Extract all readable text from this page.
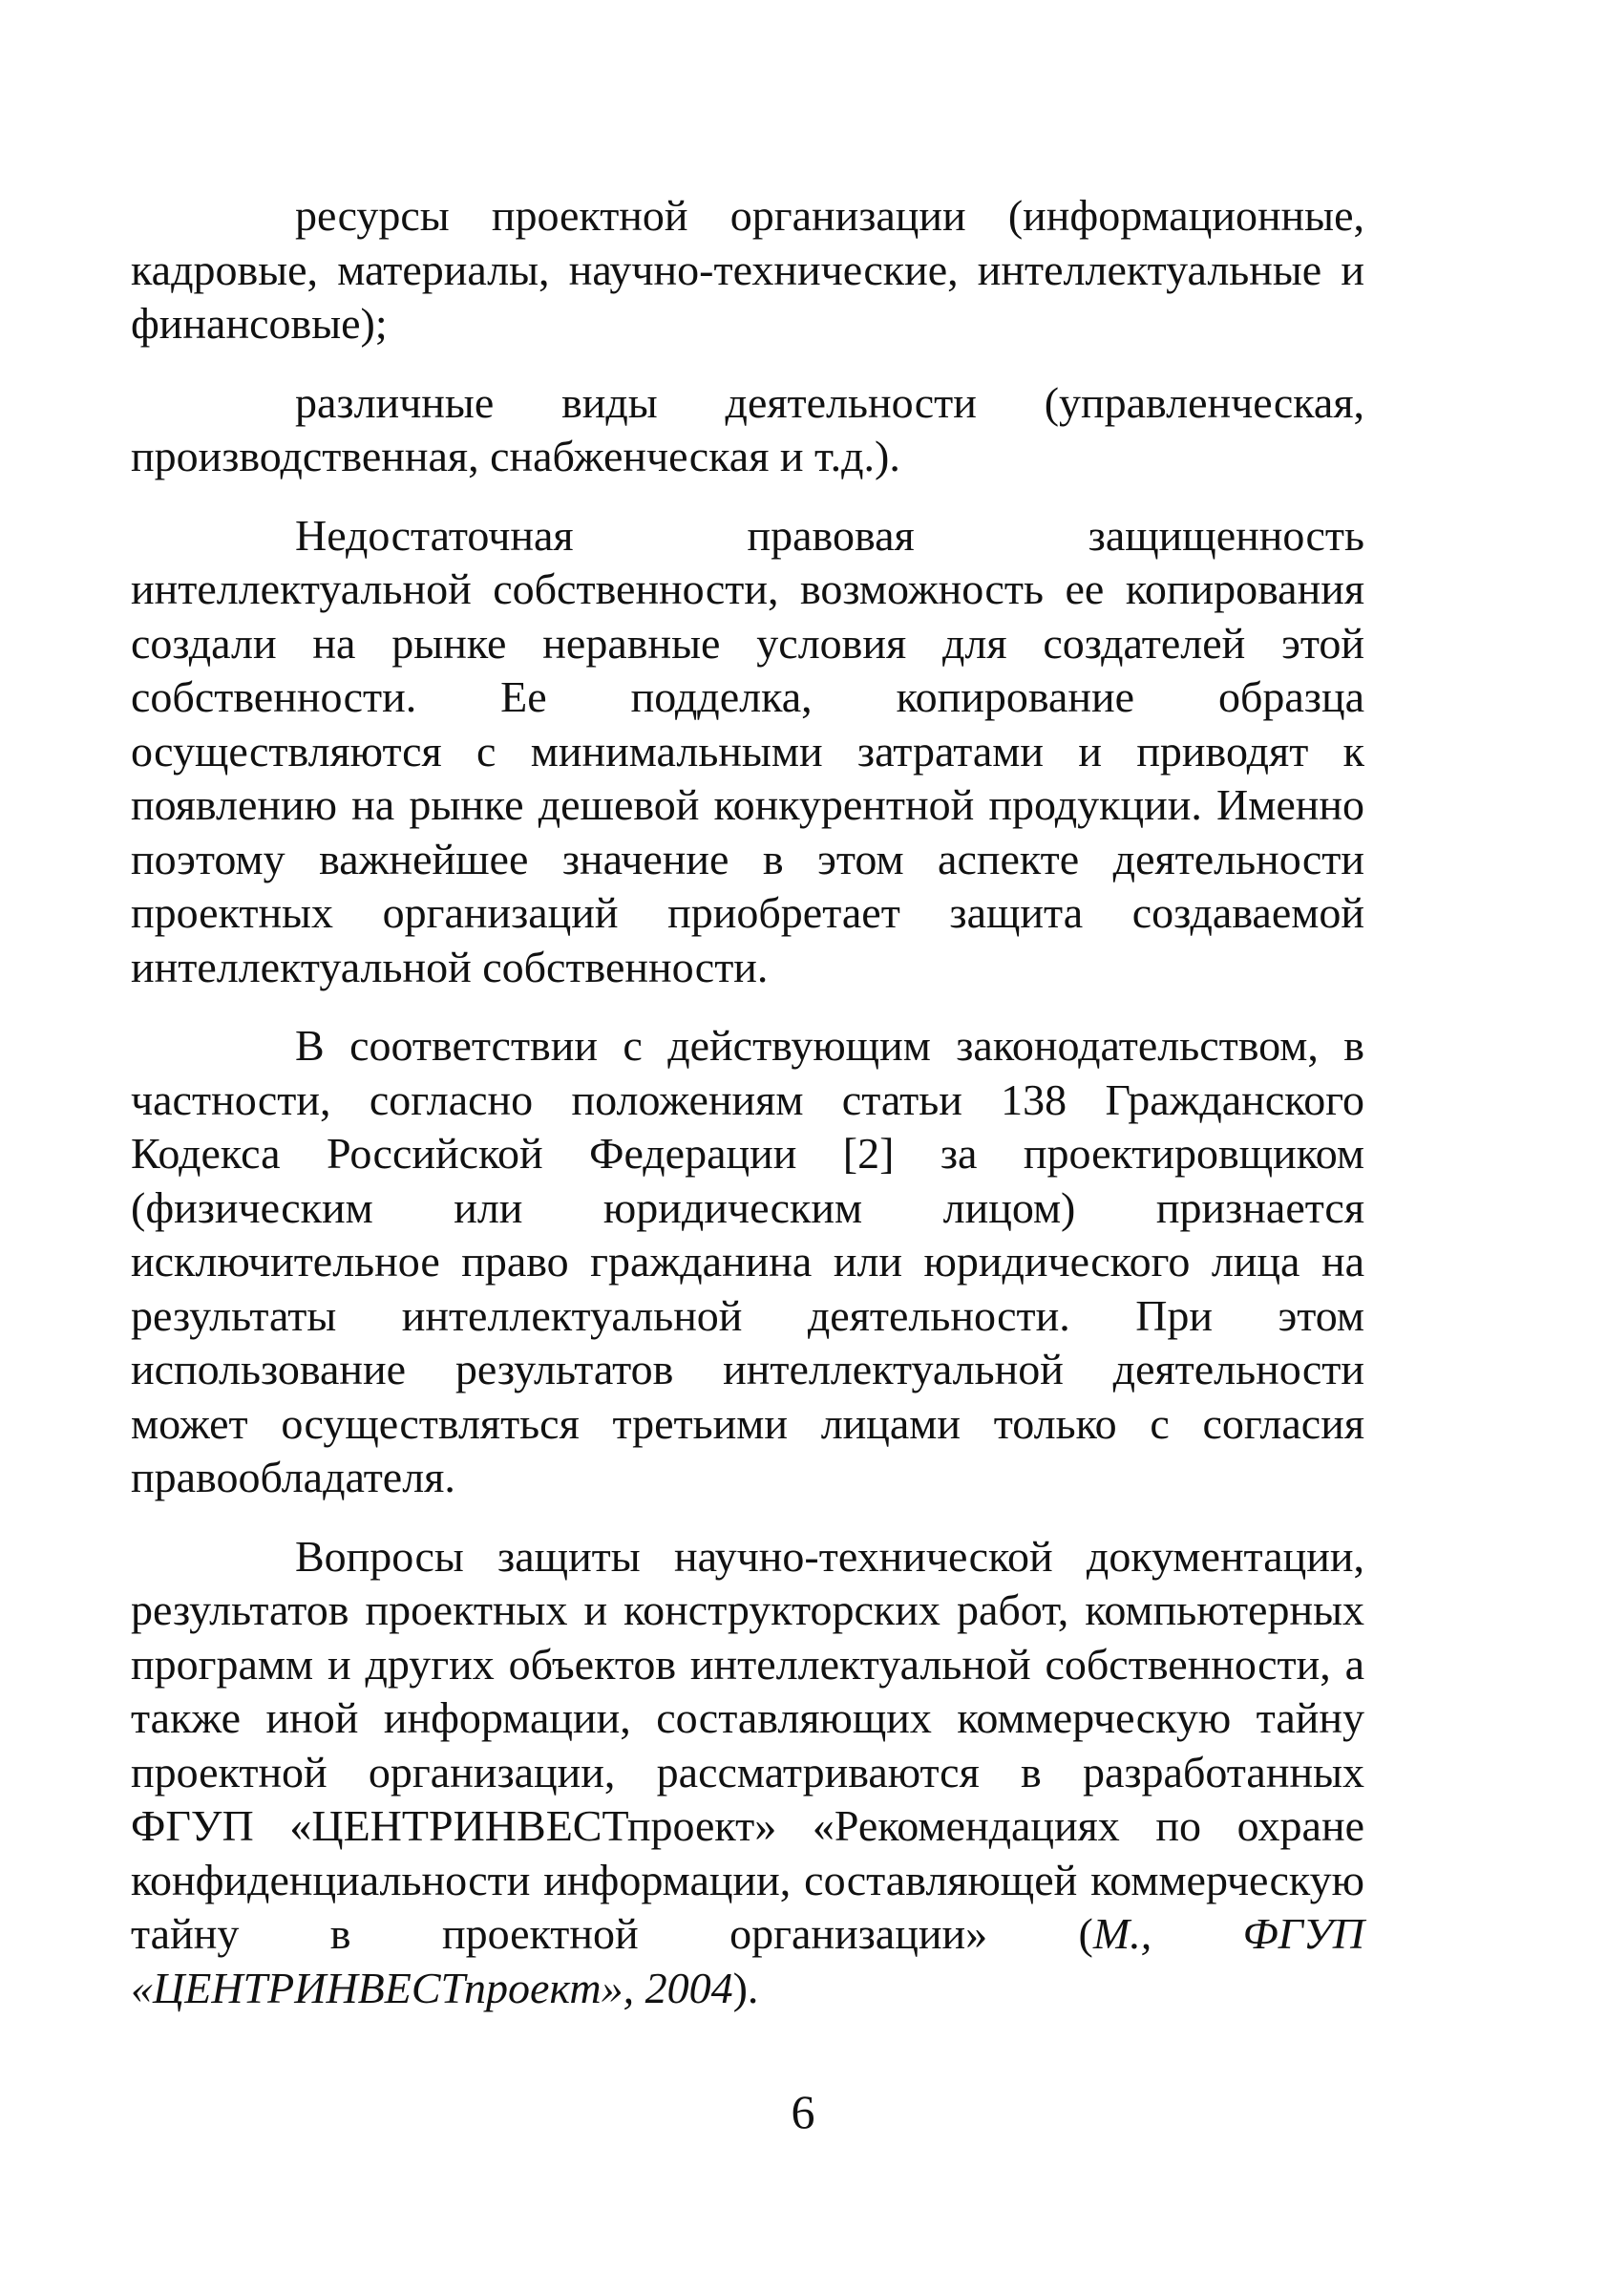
ресурсы проектной организации (информационные, кадровые, материалы, научно-технические, интеллектуальные и финансовые);

различные виды деятельности (управленческая, производственная, снабженческая и т.д.).

Недостаточная правовая защищенность интеллектуальной собственности, возможность ее копирования создали на рынке неравные условия для создателей этой собственности. Ее подделка, копирование образца осуществляются с минимальными затратами и приводят к появлению на рынке дешевой конкурентной продукции. Именно поэтому важнейшее значение в этом аспекте деятельности проектных организаций приобретает защита создаваемой интеллектуальной собственности.

В соответствии с действующим законодательством, в частности, согласно положениям статьи 138 Гражданского Кодекса Российской Федерации [2] за проектировщиком (физическим или юридическим лицом) признается исключительное право гражданина или юридического лица на результаты интеллектуальной деятельности. При этом использование результатов интеллектуальной деятельности может осуществляться третьими лицами только с согласия правообладателя.

Вопросы защиты научно-технической документации, результатов проектных и конструкторских работ, компьютерных программ и других объектов интеллектуальной собственности, а также иной информации, составляющих коммерческую тайну проектной организации, рассматриваются в разработанных ФГУП «ЦЕНТРИНВЕСТпроект» «Рекомендациях по охране конфиденциальности информации, составляющей коммерческую тайну в проектной организации» (М., ФГУП «ЦЕНТРИНВЕСТпроект», 2004).

6
